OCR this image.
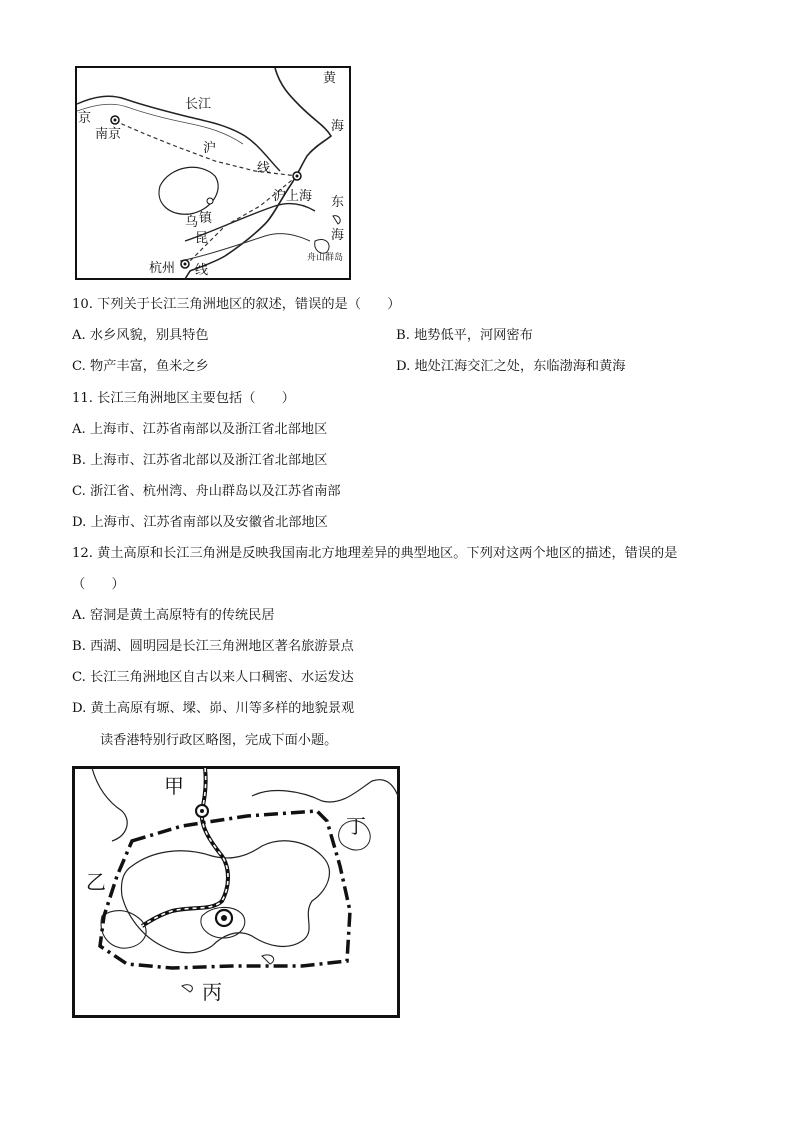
黄
海
京
南京
长江
沪
线
沪上海 东
海
乌 镇
昆
杭州 线
舟山群岛
10. 下列关于长江三角洲地区的叙述，错误的是（　　）
A. 水乡风貌，别具特色	B. 地势低平，河网密布
C. 物产丰富，鱼米之乡	D. 地处江海交汇之处，东临渤海和黄海
11. 长江三角洲地区主要包括（　　）
A. 上海市、江苏省南部以及浙江省北部地区
B. 上海市、江苏省北部以及浙江省北部地区
C. 浙江省、杭州湾、舟山群岛以及江苏省南部
D. 上海市、江苏省南部以及安徽省北部地区
12. 黄土高原和长江三角洲是反映我国南北方地理差异的典型地区。下列对这两个地区的描述，错误的是
（　　）
A. 窑洞是黄土高原特有的传统民居
B. 西湖、圆明园是长江三角洲地区著名旅游景点
C. 长江三角洲地区自古以来人口稠密、水运发达
D. 黄土高原有塬、墚、峁、川等多样的地貌景观
读香港特别行政区略图，完成下面小题。
甲
乙
丙
丁
